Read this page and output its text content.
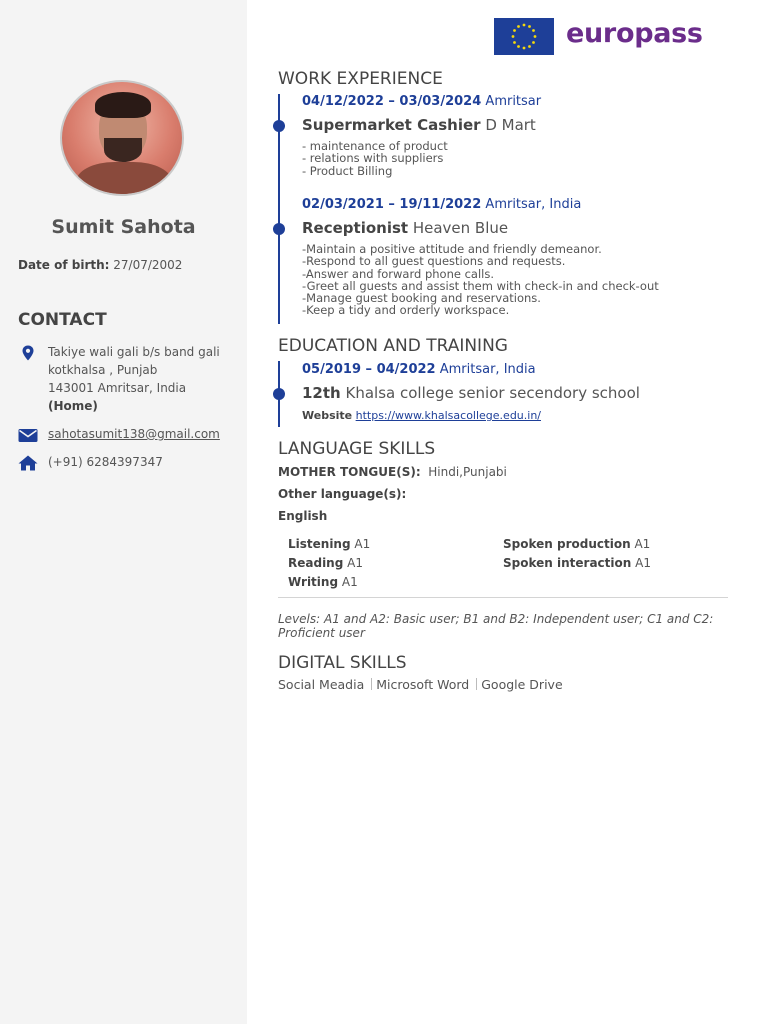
Sumit Sahota
Date of birth: 27/07/2002
CONTACT
Takiye wali gali b/s band gali
kotkhalsa , Punjab
143001 Amritsar, India
(Home)
sahotasumit138@gmail.com
(+91) 6284397347
europass
WORK EXPERIENCE
04/12/2022 – 03/03/2024 Amritsar
Supermarket Cashier D Mart
- maintenance of product
- relations with suppliers
- Product Billing
02/03/2021 – 19/11/2022 Amritsar, India
Receptionist Heaven Blue
-Maintain a positive attitude and friendly demeanor.
-Respond to all guest questions and requests.
-Answer and forward phone calls.
-Greet all guests and assist them with check-in and check-out
-Manage guest booking and reservations.
-Keep a tidy and orderly workspace.
EDUCATION AND TRAINING
05/2019 – 04/2022 Amritsar, India
12th Khalsa college senior secendory school
Website https://www.khalsacollege.edu.in/
LANGUAGE SKILLS
MOTHER TONGUE(S): Hindi,Punjabi
Other language(s):
English
Listening A1
Reading A1
Writing A1
Spoken production A1
Spoken interaction A1
Levels: A1 and A2: Basic user; B1 and B2: Independent user; C1 and C2: Proficient user
DIGITAL SKILLS
Social Meadia Microsoft Word Google Drive
